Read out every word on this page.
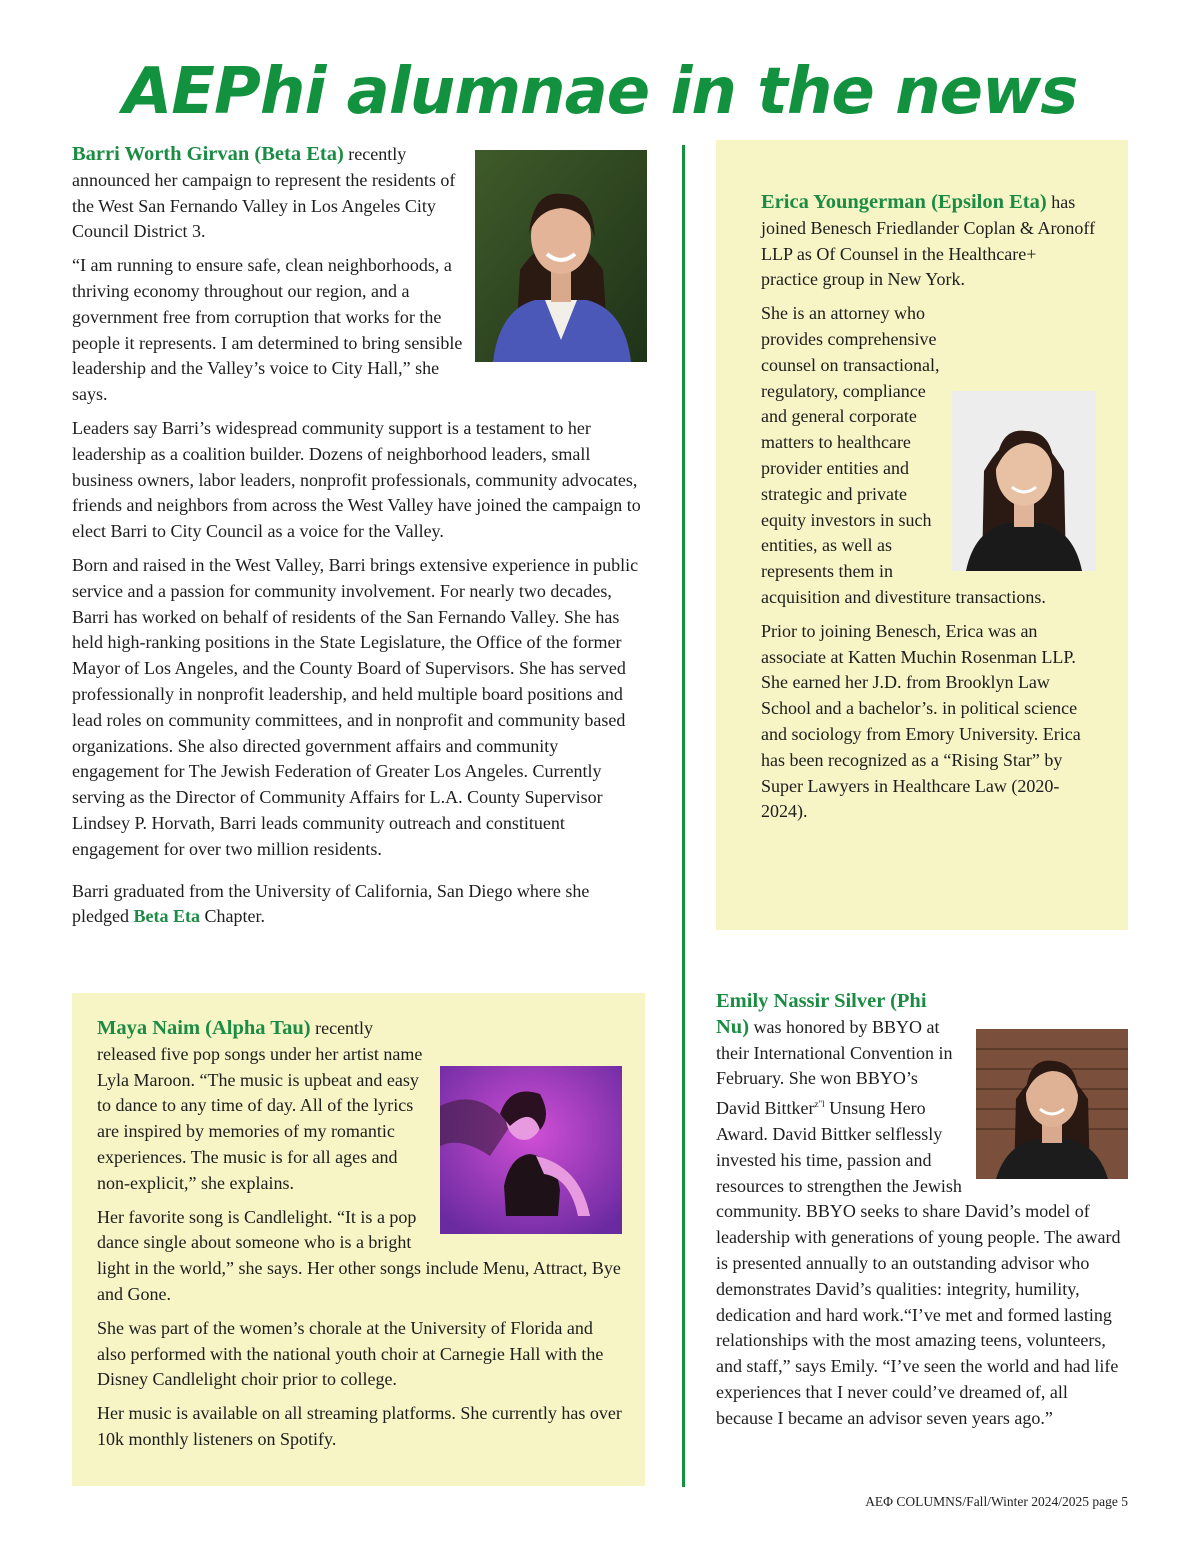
AEPhi alumnae in the news

Barri Worth Girvan (Beta Eta) recently announced her campaign to represent the residents of the West San Fernando Valley in Los Angeles City Council District 3.

“I am running to ensure safe, clean neighborhoods, a thriving economy throughout our region, and a government free from corruption that works for the people it represents. I am determined to bring sensible leadership and the Valley’s voice to City Hall,” she says.

Leaders say Barri’s widespread community support is a testament to her leadership as a coalition builder. Dozens of neighborhood leaders, small business owners, labor leaders, nonprofit professionals, community advocates, friends and neighbors from across the West Valley have joined the campaign to elect Barri to City Council as a voice for the Valley.

Born and raised in the West Valley, Barri brings extensive experience in public service and a passion for community involvement. For nearly two decades, Barri has worked on behalf of residents of the San Fernando Valley. She has held high-ranking positions in the State Legislature, the Office of the former Mayor of Los Angeles, and the County Board of Supervisors. She has served professionally in nonprofit leadership, and held multiple board positions and lead roles on community committees, and in nonprofit and community based organizations. She also directed government affairs and community engagement for The Jewish Federation of Greater Los Angeles. Currently serving as the Director of Community Affairs for L.A. County Supervisor Lindsey P. Horvath, Barri leads community outreach and constituent engagement for over two million residents.

Barri graduated from the University of California, San Diego where she pledged Beta Eta Chapter.

Maya Naim (Alpha Tau) recently released five pop songs under her artist name Lyla Maroon. “The music is upbeat and easy to dance to any time of day. All of the lyrics are inspired by memories of my romantic experiences. The music is for all ages and non-explicit,” she explains.

Her favorite song is Candlelight. “It is a pop dance single about someone who is a bright light in the world,” she says. Her other songs include Menu, Attract, Bye and Gone.

She was part of the women’s chorale at the University of Florida and also performed with the national youth choir at Carnegie Hall with the Disney Candlelight choir prior to college.

Her music is available on all streaming platforms. She currently has over 10k monthly listeners on Spotify.

Erica Youngerman (Epsilon Eta) has joined Benesch Friedlander Coplan & Aronoff LLP as Of Counsel in the Healthcare+ practice group in New York.

She is an attorney who provides comprehensive counsel on transactional, regulatory, compliance and general corporate matters to healthcare provider entities and strategic and private equity investors in such entities, as well as represents them in acquisition and divestiture transactions.

Prior to joining Benesch, Erica was an associate at Katten Muchin Rosenman LLP. She earned her J.D. from Brooklyn Law School and a bachelor’s. in political science and sociology from Emory University. Erica has been recognized as a “Rising Star” by Super Lawyers in Healthcare Law (2020-2024).

Emily Nassir Silver (Phi Nu) was honored by BBYO at their International Convention in February. She won BBYO’s David Bittker$^{z"l}$ Unsung Hero Award. David Bittker selflessly invested his time, passion and resources to strengthen the Jewish community. BBYO seeks to share David’s model of leadership with generations of young people. The award is presented annually to an outstanding advisor who demonstrates David’s qualities: integrity, humility, dedication and hard work.“I’ve met and formed lasting relationships with the most amazing teens, volunteers, and staff,” says Emily. “I’ve seen the world and had life experiences that I never could’ve dreamed of, all because I became an advisor seven years ago.”

AEΦ COLUMNS/Fall/Winter 2024/2025 page 5
